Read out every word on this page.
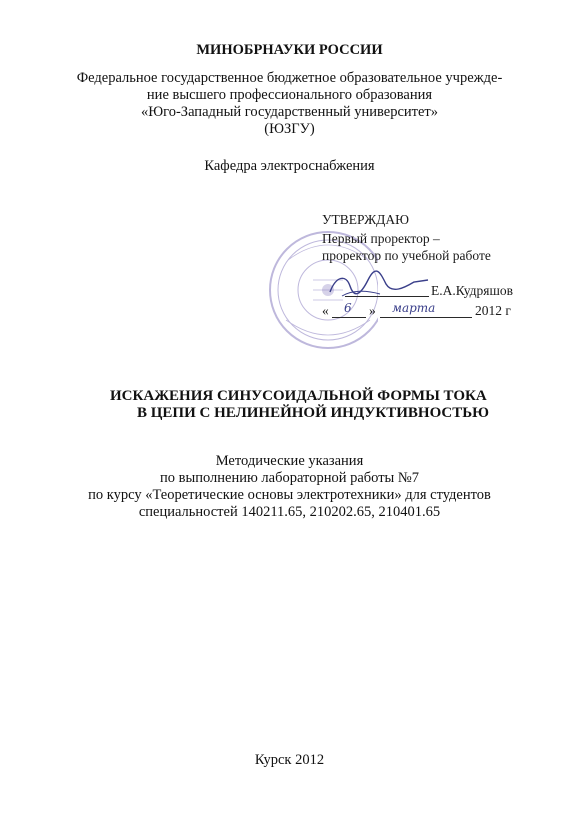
МИНОБРНАУКИ РОССИИ
Федеральное государственное бюджетное образовательное учрежде-
ние высшего профессионального образования
«Юго-Западный государственный университет»
(ЮЗГУ)
Кафедра электроснабжения
УТВЕРЖДАЮ
Первый проректор –
проректор по учебной работе
Е.А.Кудряшов
« 6 » марта	2012 г
ИСКАЖЕНИЯ СИНУСОИДАЛЬНОЙ ФОРМЫ ТОКА
В ЦЕПИ С НЕЛИНЕЙНОЙ ИНДУКТИВНОСТЬЮ
Методические указания
по выполнению лабораторной работы №7
по курсу «Теоретические основы электротехники» для студентов
специальностей 140211.65, 210202.65, 210401.65
Курск 2012
